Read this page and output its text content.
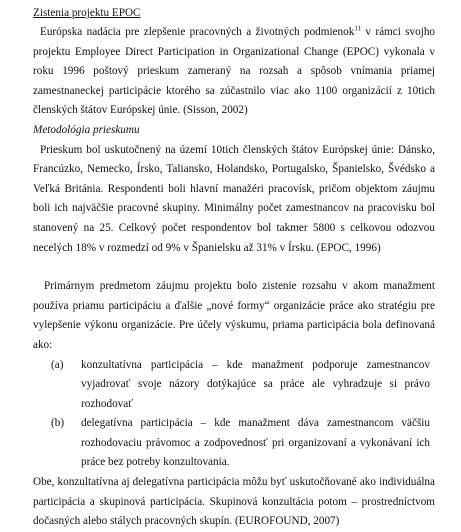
Zistenia projektu EPOC

Európska nadácia pre zlepšenie pracovných a životných podmienok$^{11}$ v rámci svojho projektu Employee Direct Participation in Organizational Change (EPOC) vykonala v roku 1996 poštový prieskum zameraný na rozsah a spôsob vnímania priamej zamestnaneckej participácie ktorého sa zúčastnilo viac ako 1100 organizácií z 10tich členských štátov Európskej únie. (Sisson, 2002)

Metodológia prieskumu

Prieskum bol uskutočnený na území 10tich členských štátov Európskej únie: Dánsko, Francúzko, Nemecko, Írsko, Taliansko, Holandsko, Portugalsko, Španielsko, Švédsko a Veľká Británia. Respondenti boli hlavní manažéri pracovísk, pričom objektom záujmu boli ich najväčšie pracovné skupiny. Minimálny počet zamestnancov na pracovisku bol stanovený na 25. Celkový počet respondentov bol takmer 5800 s celkovou odozvou necelých 18% v rozmedzí od 9% v Španielsku až 31% v Írsku. (EPOC, 1996)

Primárnym predmetom záujmu projektu bolo zistenie rozsahu v akom manažment používa priamu participáciu a ďalšie „nové formy“ organizácie práce ako stratégiu pre vylepšenie výkonu organizácie. Pre účely výskumu, priama participácia bola definovaná ako:

(a) konzultatívna participácia – kde manažment podporuje zamestnancov vyjadrovať svoje názory dotýkajúce sa práce ale vyhradzuje si právo rozhodovať
(b) delegatívna participácia – kde manažment dáva zamestnancom väčšiu rozhodovaciu právomoc a zodpovednosť pri organizovaní a vykonávaní ich práce bez potreby konzultovania.

Obe, konzultatívna aj delegatívna participácia môžu byť uskutočňované ako individuálna participácia a skupinová participácia. Skupinová konzultácia potom – prostredníctvom dočasných alebo stálych pracovných skupín. (EUROFOUND, 2007)
